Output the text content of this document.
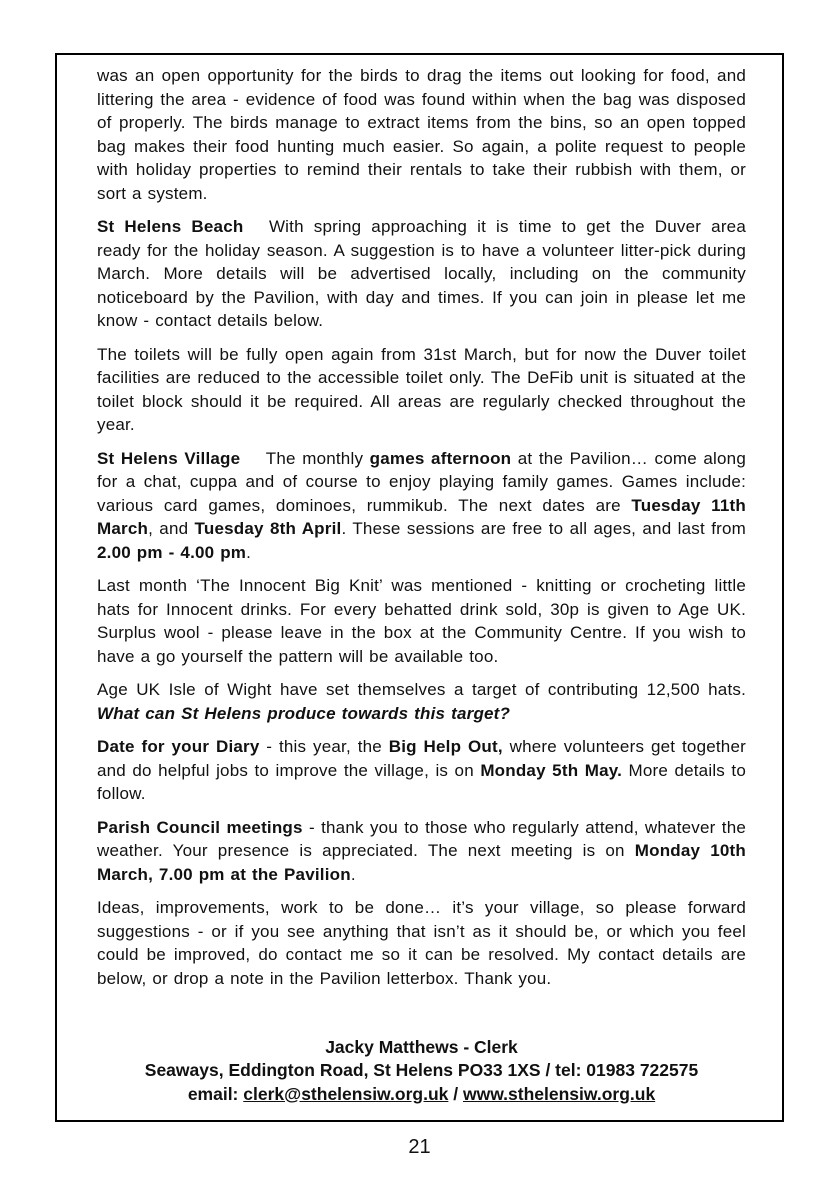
was an open opportunity for the birds to drag the items out looking for food, and littering the area - evidence of food was found within when the bag was disposed of properly. The birds manage to extract items from the bins, so an open topped bag makes their food hunting much easier. So again, a polite request to people with holiday properties to remind their rentals to take their rubbish with them, or sort a system.

St Helens Beach With spring approaching it is time to get the Duver area ready for the holiday season. A suggestion is to have a volunteer litter-pick during March. More details will be advertised locally, including on the community noticeboard by the Pavilion, with day and times. If you can join in please let me know - contact details below.

The toilets will be fully open again from 31st March, but for now the Duver toilet facilities are reduced to the accessible toilet only. The DeFib unit is situated at the toilet block should it be required. All areas are regularly checked throughout the year.

St Helens Village The monthly games afternoon at the Pavilion… come along for a chat, cuppa and of course to enjoy playing family games. Games include: various card games, dominoes, rummikub. The next dates are Tuesday 11th March, and Tuesday 8th April. These sessions are free to all ages, and last from 2.00 pm - 4.00 pm.

Last month ‘The Innocent Big Knit’ was mentioned - knitting or crocheting little hats for Innocent drinks. For every behatted drink sold, 30p is given to Age UK. Surplus wool - please leave in the box at the Community Centre. If you wish to have a go yourself the pattern will be available too.

Age UK Isle of Wight have set themselves a target of contributing 12,500 hats. What can St Helens produce towards this target?

Date for your Diary - this year, the Big Help Out, where volunteers get together and do helpful jobs to improve the village, is on Monday 5th May. More details to follow.

Parish Council meetings - thank you to those who regularly attend, whatever the weather. Your presence is appreciated. The next meeting is on Monday 10th March, 7.00 pm at the Pavilion.

Ideas, improvements, work to be done… it’s your village, so please forward suggestions - or if you see anything that isn’t as it should be, or which you feel could be improved, do contact me so it can be resolved. My contact details are below, or drop a note in the Pavilion letterbox. Thank you.

Jacky Matthews - Clerk
Seaways, Eddington Road, St Helens PO33 1XS / tel: 01983 722575
email: clerk@sthelensiw.org.uk / www.sthelensiw.org.uk
21
